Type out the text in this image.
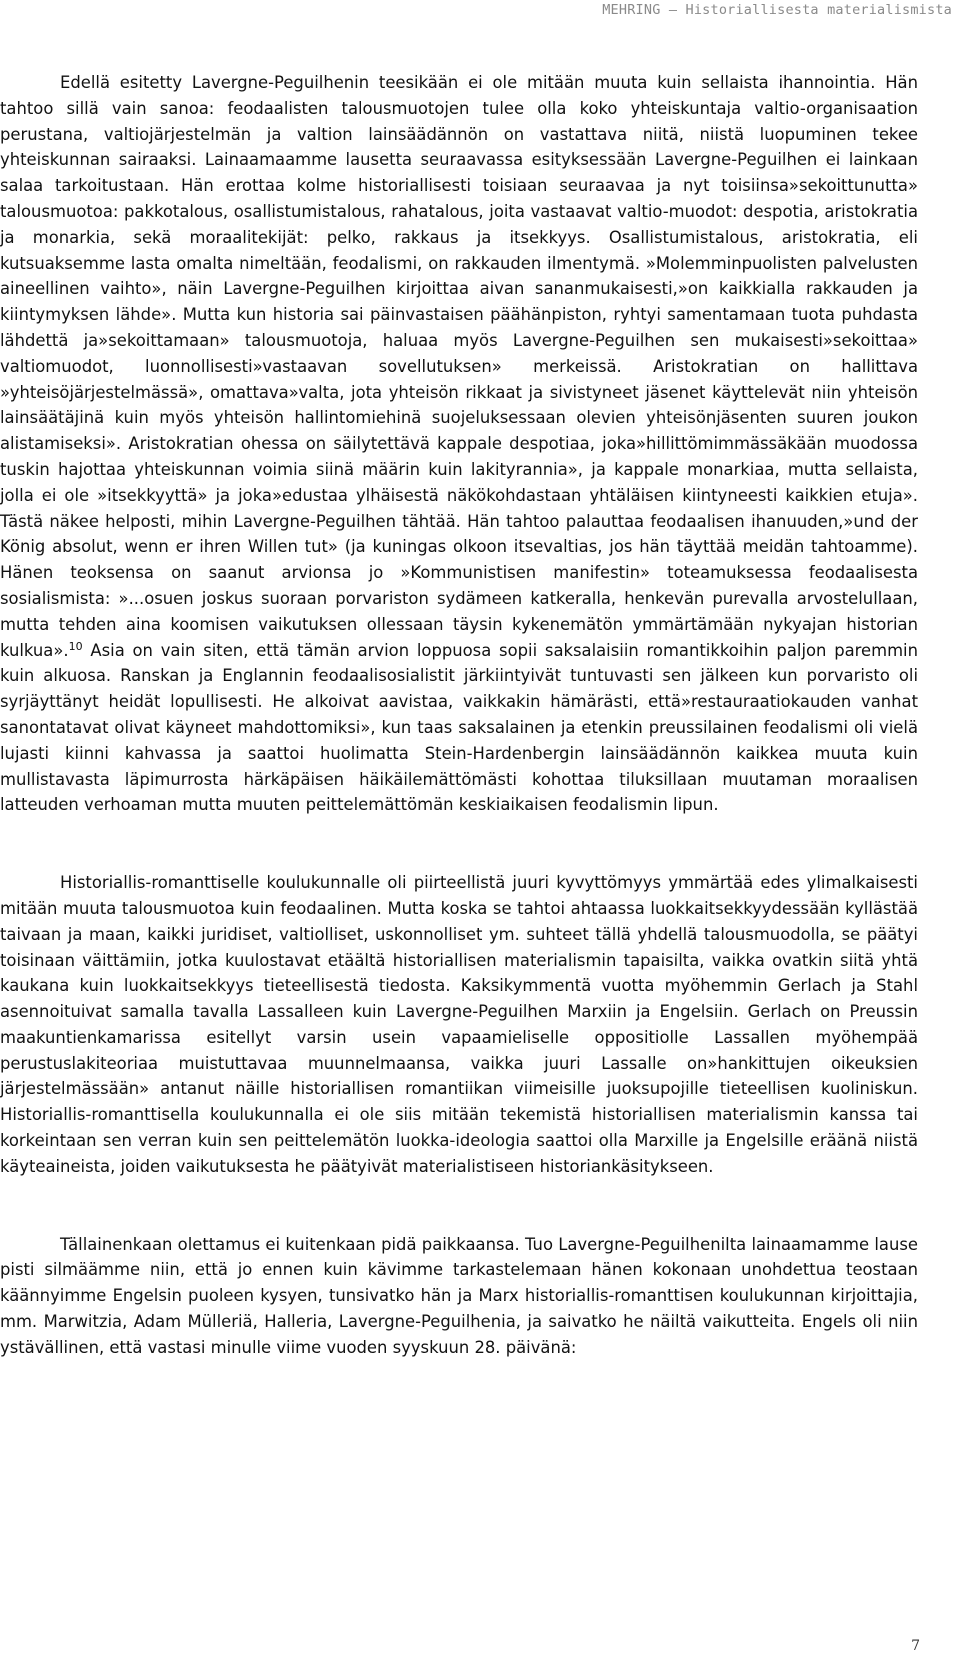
MEHRING – Historiallisesta materialismista

Edellä esitetty Lavergne-Peguilhenin teesikään ei ole mitään muuta kuin sellaista ihannointia. Hän tahtoo sillä vain sanoa: feodaalisten talousmuotojen tulee olla koko yhteiskuntaja valtio-organisaation perustana, valtiojärjestelmän ja valtion lainsäädännön on vastattava niitä, niistä luopuminen tekee yhteiskunnan sairaaksi. Lainaamaamme lausetta seuraavassa esityksessään Lavergne-Peguilhen ei lainkaan salaa tarkoitustaan. Hän erottaa kolme historiallisesti toisiaan seuraavaa ja nyt toisiinsa»sekoittunutta» talousmuotoa: pakkotalous, osallistumistalous, rahatalous, joita vastaavat valtio-muodot: despotia, aristokratia ja monarkia, sekä moraalitekijät: pelko, rakkaus ja itsekkyys. Osallistumistalous, aristokratia, eli kutsuaksemme lasta omalta nimeltään, feodalismi, on rakkauden ilmentymä. »Molemminpuolisten palvelusten aineellinen vaihto», näin Lavergne-Peguilhen kirjoittaa aivan sananmukaisesti,»on kaikkialla rakkauden ja kiintymyksen lähde». Mutta kun historia sai päinvastaisen päähänpiston, ryhtyi samentamaan tuota puhdasta lähdettä ja»sekoittamaan» talousmuotoja, haluaa myös Lavergne-Peguilhen sen mukaisesti»sekoittaa» valtiomuodot, luonnollisesti»vastaavan sovellutuksen» merkeissä. Aristokratian on hallittava »yhteisöjärjestelmässä», omattava»valta, jota yhteisön rikkaat ja sivistyneet jäsenet käyttelevät niin yhteisön lainsäätäjinä kuin myös yhteisön hallintomiehinä suojeluksessaan olevien yhteisönjäsenten suuren joukon alistamiseksi». Aristokratian ohessa on säilytettävä kappale despotiaa, joka»hillittömimmässäkään muodossa tuskin hajottaa yhteiskunnan voimia siinä määrin kuin lakityrannia», ja kappale monarkiaa, mutta sellaista, jolla ei ole »itsekkyyttä» ja joka»edustaa ylhäisestä näkökohdastaan yhtäläisen kiintyneesti kaikkien etuja». Tästä näkee helposti, mihin Lavergne-Peguilhen tähtää. Hän tahtoo palauttaa feodaalisen ihanuuden,»und der König absolut, wenn er ihren Willen tut» (ja kuningas olkoon itsevaltias, jos hän täyttää meidän tahtoamme). Hänen teoksensa on saanut arvionsa jo »Kommunistisen manifestin» toteamuksessa feodaalisesta sosialismista: »...osuen joskus suoraan porvariston sydämeen katkeralla, henkevän purevalla arvostelullaan, mutta tehden aina koomisen vaikutuksen ollessaan täysin kykenemätön ymmärtämään nykyajan historian kulkua».$^{10}$ Asia on vain siten, että tämän arvion loppuosa sopii saksalaisiin romantikkoihin paljon paremmin kuin alkuosa. Ranskan ja Englannin feodaalisosialistit järkiintyivät tuntuvasti sen jälkeen kun porvaristo oli syrjäyttänyt heidät lopullisesti. He alkoivat aavistaa, vaikkakin hämärästi, että»restauraatiokauden vanhat sanontatavat olivat käyneet mahdottomiksi», kun taas saksalainen ja etenkin preussilainen feodalismi oli vielä lujasti kiinni kahvassa ja saattoi huolimatta Stein-Hardenbergin lainsäädännön kaikkea muuta kuin mullistavasta läpimurrosta härkäpäisen häikäilemättömästi kohottaa tiluksillaan muutaman moraalisen latteuden verhoaman mutta muuten peittelemättömän keskiaikaisen feodalismin lipun.

Historiallis-romanttiselle koulukunnalle oli piirteellistä juuri kyvyttömyys ymmärtää edes ylimalkaisesti mitään muuta talousmuotoa kuin feodaalinen. Mutta koska se tahtoi ahtaassa luokkaitsekkyydessään kyllästää taivaan ja maan, kaikki juridiset, valtiolliset, uskonnolliset ym. suhteet tällä yhdellä talousmuodolla, se päätyi toisinaan väittämiin, jotka kuulostavat etäältä historiallisen materialismin tapaisilta, vaikka ovatkin siitä yhtä kaukana kuin luokkaitsekkyys tieteellisestä tiedosta. Kaksikymmentä vuotta myöhemmin Gerlach ja Stahl asennoituivat samalla tavalla Lassalleen kuin Lavergne-Peguilhen Marxiin ja Engelsiin. Gerlach on Preussin maakuntienkamarissa esitellyt varsin usein vapaamieliselle oppositiolle Lassallen myöhempää perustuslakiteoriaa muistuttavaa muunnelmaansa, vaikka juuri Lassalle on»hankittujen oikeuksien järjestelmässään» antanut näille historiallisen romantiikan viimeisille juoksupojille tieteellisen kuoliniskun. Historiallis-romanttisella koulukunnalla ei ole siis mitään tekemistä historiallisen materialismin kanssa tai korkeintaan sen verran kuin sen peittelemätön luokka-ideologia saattoi olla Marxille ja Engelsille eräänä niistä käyteaineista, joiden vaikutuksesta he päätyivät materialistiseen historiankäsitykseen.

Tällainenkaan olettamus ei kuitenkaan pidä paikkaansa. Tuo Lavergne-Peguilhenilta lainaamamme lause pisti silmäämme niin, että jo ennen kuin kävimme tarkastelemaan hänen kokonaan unohdettua teostaan käännyimme Engelsin puoleen kysyen, tunsivatko hän ja Marx historiallis-romanttisen koulukunnan kirjoittajia, mm. Marwitzia, Adam Mülleriä, Halleria, Lavergne-Peguilhenia, ja saivatko he näiltä vaikutteita. Engels oli niin ystävällinen, että vastasi minulle viime vuoden syyskuun 28. päivänä:

7
